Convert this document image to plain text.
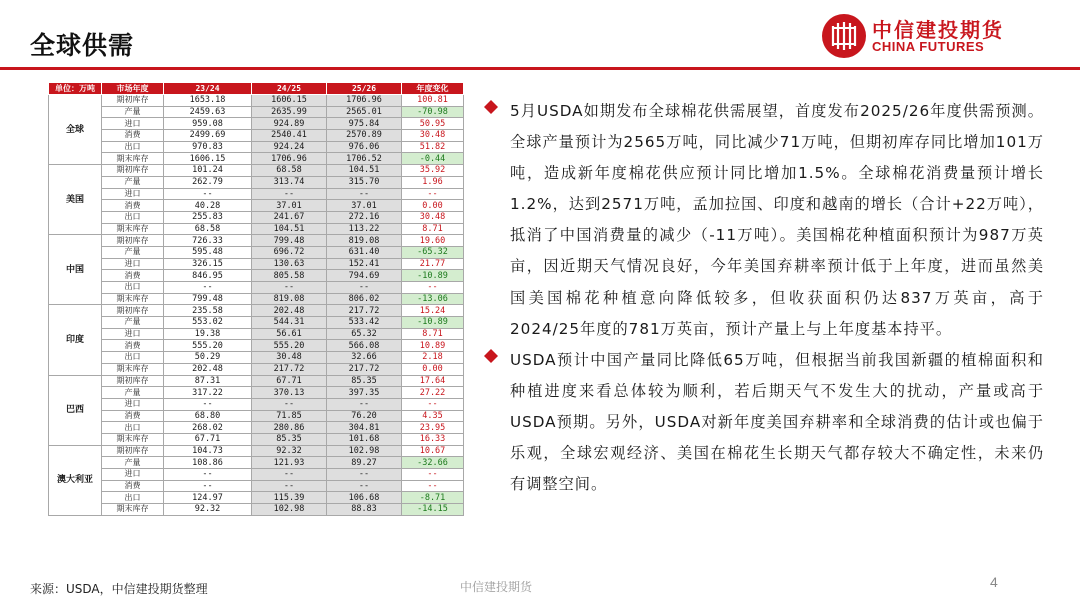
全球供需
中信建投期货
CHINA FUTURES
单位：万吨	市场年度	23/24	24/25	25/26	年度变化
全球	期初库存	1653.18	1606.15	1706.96	100.81
	产量	2459.63	2635.99	2565.01	-70.98
	进口	959.08	924.89	975.84	50.95
	消费	2499.69	2540.41	2570.89	30.48
	出口	970.83	924.24	976.06	51.82
	期末库存	1606.15	1706.96	1706.52	-0.44
美国	期初库存	101.24	68.58	104.51	35.92
	产量	262.79	313.74	315.70	1.96
	进口	--	--	--	--
	消费	40.28	37.01	37.01	0.00
	出口	255.83	241.67	272.16	30.48
	期末库存	68.58	104.51	113.22	8.71
中国	期初库存	726.33	799.48	819.08	19.60
	产量	595.48	696.72	631.40	-65.32
	进口	326.15	130.63	152.41	21.77
	消费	846.95	805.58	794.69	-10.89
	出口	--	--	--	--
	期末库存	799.48	819.08	806.02	-13.06
印度	期初库存	235.58	202.48	217.72	15.24
	产量	553.02	544.31	533.42	-10.89
	进口	19.38	56.61	65.32	8.71
	消费	555.20	555.20	566.08	10.89
	出口	50.29	30.48	32.66	2.18
	期末库存	202.48	217.72	217.72	0.00
巴西	期初库存	87.31	67.71	85.35	17.64
	产量	317.22	370.13	397.35	27.22
	进口	--	--	--	--
	消费	68.80	71.85	76.20	4.35
	出口	268.02	280.86	304.81	23.95
	期末库存	67.71	85.35	101.68	16.33
澳大利亚	期初库存	104.73	92.32	102.98	10.67
	产量	108.86	121.93	89.27	-32.66
	进口	--	--	--	--
	消费	--	--	--	--
	出口	124.97	115.39	106.68	-8.71
	期末库存	92.32	102.98	88.83	-14.15
5月USDA如期发布全球棉花供需展望，首度发布2025/26年度供需预测。全球产量预计为2565万吨，同比减少71万吨，但期初库存同比增加101万吨，造成新年度棉花供应预计同比增加1.5%。全球棉花消费量预计增长1.2%，达到2571万吨，孟加拉国、印度和越南的增长（合计+22万吨），抵消了中国消费量的减少（-11万吨）。美国棉花种植面积预计为987万英亩，因近期天气情况良好，今年美国弃耕率预计低于上年度，进而虽然美国美国棉花种植意向降低较多，但收获面积仍达837万英亩，高于2024/25年度的781万英亩，预计产量上与上年度基本持平。
USDA预计中国产量同比降低65万吨，但根据当前我国新疆的植棉面积和种植进度来看总体较为顺利，若后期天气不发生大的扰动，产量或高于USDA预期。另外，USDA对新年度美国弃耕率和全球消费的估计或也偏于乐观，全球宏观经济、美国在棉花生长期天气都存较大不确定性，未来仍有调整空间。
来源：USDA，中信建投期货整理	中信建投期货	4
